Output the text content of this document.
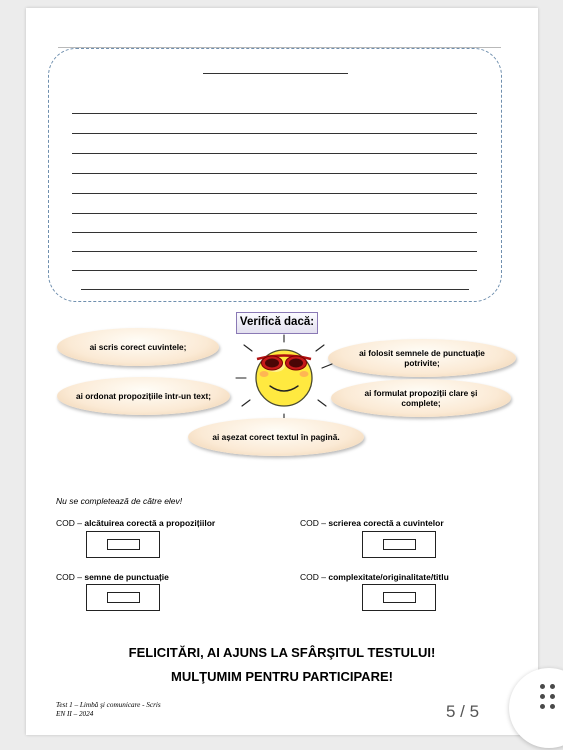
Verifică dacă:
ai scris corect cuvintele;
ai folosit semnele de punctuație potrivite;
ai ordonat propozițiile într-un text;	ai formulat propoziții clare și complete;
ai așezat corect textul în pagină.
Nu se completează de către elev!
COD – alcătuirea corectă a propozițiilor	COD – scrierea corectă a cuvintelor
COD – semne de punctuație	COD – complexitate/originalitate/titlu
FELICITĂRI, AI AJUNS LA SFÂRŞITUL TESTULUI!
MULŢUMIM PENTRU PARTICIPARE!
Test 1 – Limbă şi comunicare - Scris
EN II – 2024	5 / 5
